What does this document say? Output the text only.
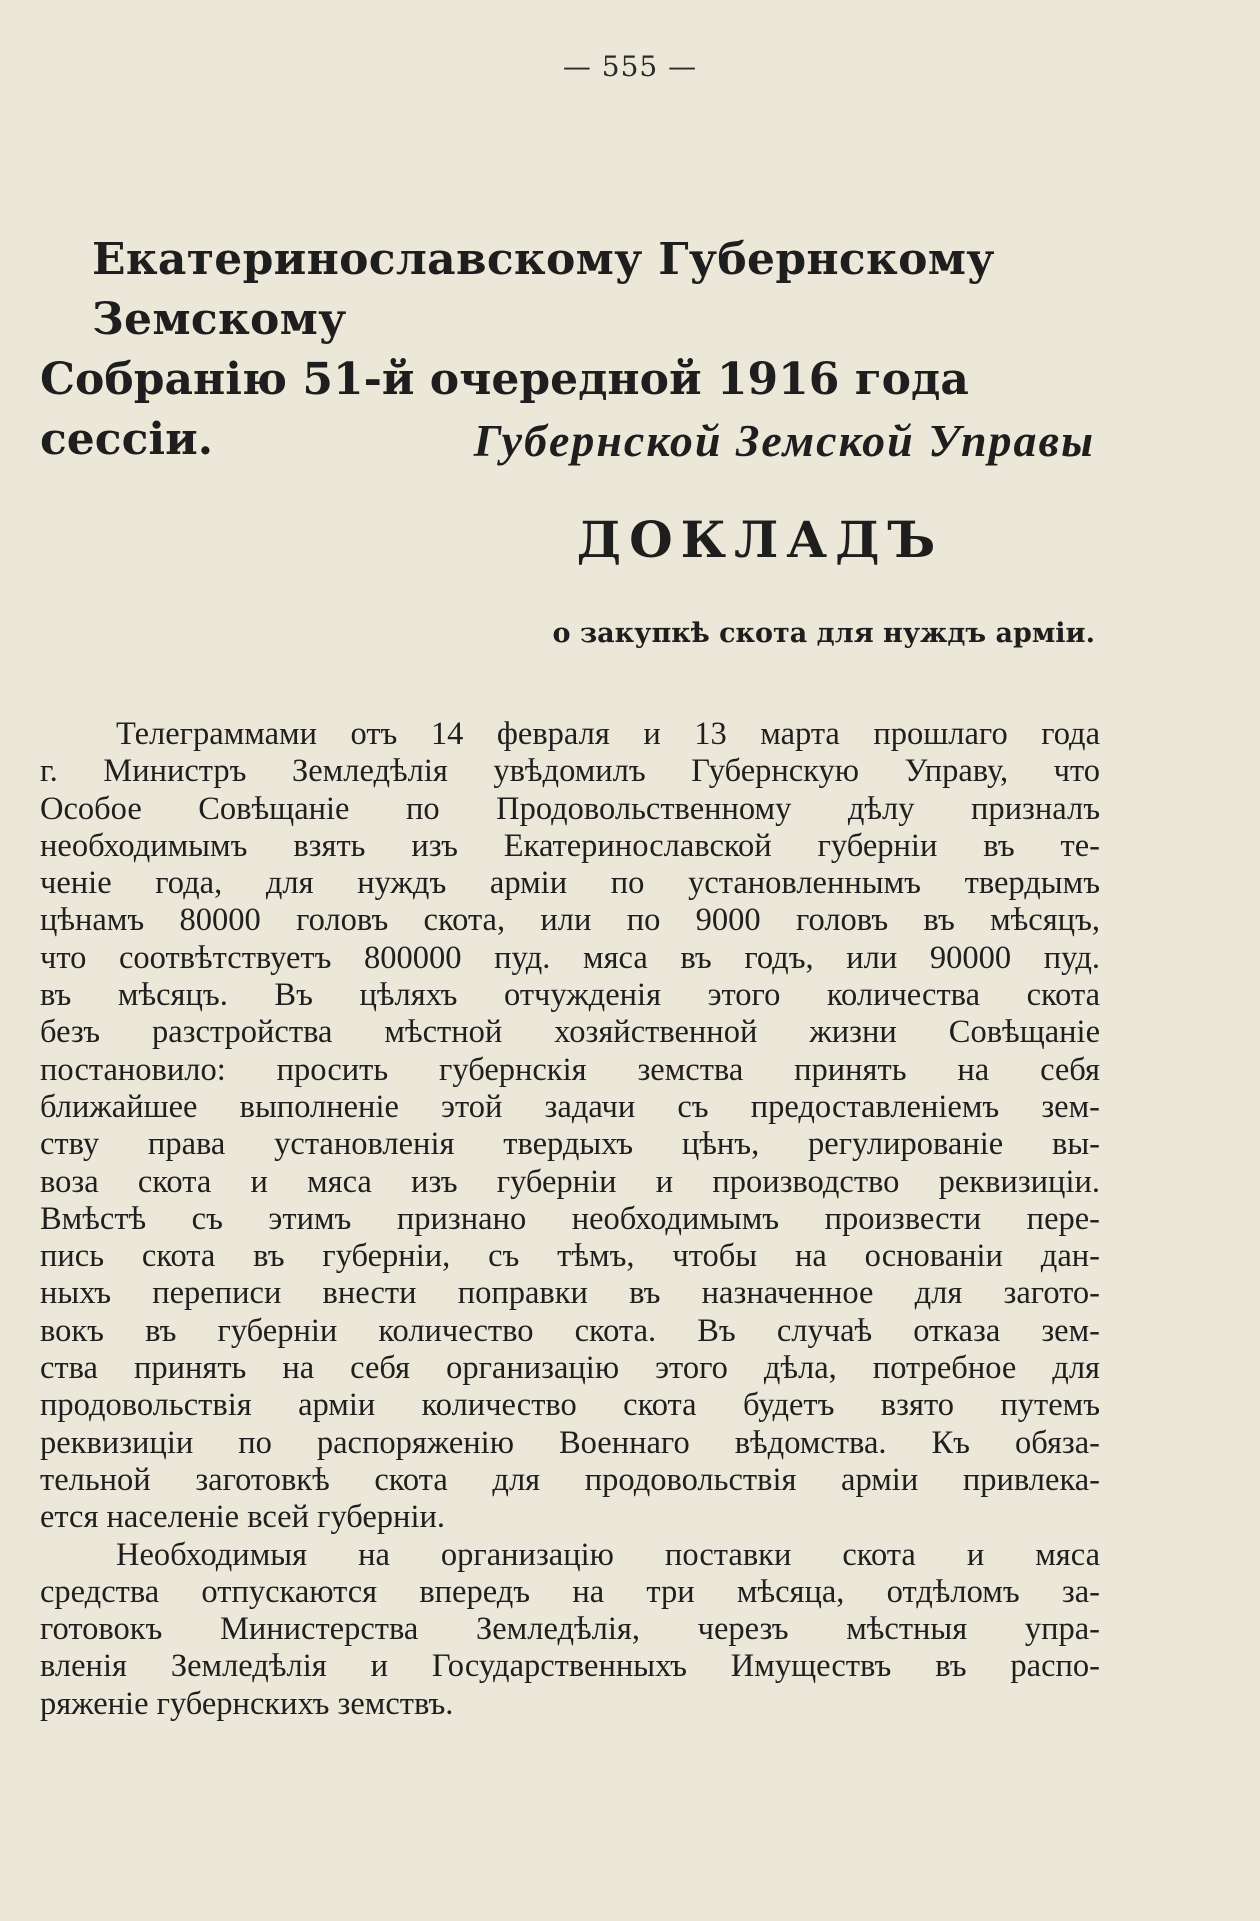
— 555 —
Екатеринославскому Губернскому Земскому
Собранію 51-й очередной 1916 года сессіи.	Губернской Земской Управы
ДОКЛАДЪ
о закупкѣ скота для нуждъ арміи.

Телеграммами отъ 14 февраля и 13 марта прошлаго года
г. Министръ Земледѣлія увѣдомилъ Губернскую Управу, что
Особое Совѣщаніе по Продовольственному дѣлу призналъ
необходимымъ взять изъ Екатеринославской губерніи въ те-
ченіе года, для нуждъ арміи по установленнымъ твердымъ
цѣнамъ 80000 головъ скота, или по 9000 головъ въ мѣсяцъ,
что соотвѣтствуетъ 800000 пуд. мяса въ годъ, или 90000 пуд.
въ мѣсяцъ. Въ цѣляхъ отчужденія этого количества скота
безъ разстройства мѣстной хозяйственной жизни Совѣщаніе
постановило: просить губернскія земства принять на себя
ближайшее выполненіе этой задачи съ предоставленіемъ зем-
ству права установленія твердыхъ цѣнъ, регулированіе вы-
воза скота и мяса изъ губерніи и производство реквизиціи.
Вмѣстѣ съ этимъ признано необходимымъ произвести пере-
пись скота въ губерніи, съ тѣмъ, чтобы на основаніи дан-
ныхъ переписи внести поправки въ назначенное для загото-
вокъ въ губерніи количество скота. Въ случаѣ отказа зем-
ства принять на себя организацію этого дѣла, потребное для
продовольствія арміи количество скота будетъ взято путемъ
реквизиціи по распоряженію Военнаго вѣдомства. Къ обяза-
тельной заготовкѣ скота для продовольствія арміи привлека-
ется населеніе всей губерніи.

Необходимыя на организацію поставки скота и мяса
средства отпускаются впередъ на три мѣсяца, отдѣломъ за-
готовокъ Министерства Земледѣлія, черезъ мѣстныя упра-
вленія Земледѣлія и Государственныхъ Имуществъ въ распо-
ряженіе губернскихъ земствъ.
